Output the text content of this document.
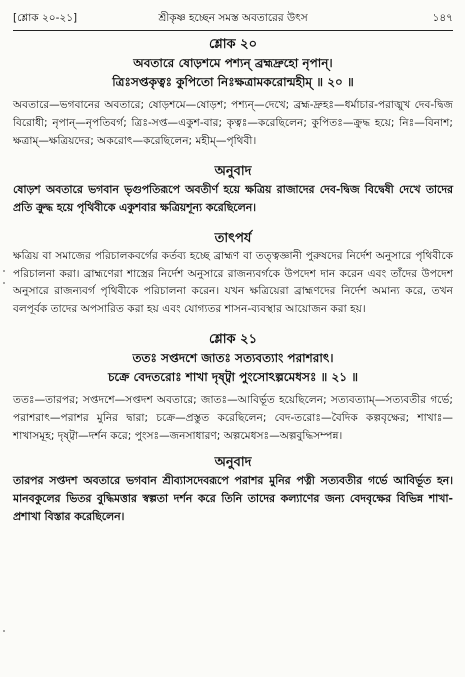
[শ্লোক ২০-২১]	শ্রীকৃষ্ণ হচ্ছেন সমস্ত অবতারের উৎস	১৪৭
শ্লোক ২০
অবতারে ষোড়শমে পশ্যন্ ব্রহ্মদ্রুহো নৃপান্।
ত্রিঃসপ্তকৃত্বঃ কুপিতো নিঃক্ষত্রামকরোন্মহীম্ ॥ ২০ ॥

অবতারে—ভগবানের অবতারে; ষোড়শমে—ষোড়শ; পশ্যন্—দেখে; ব্রহ্ম-দ্রুহঃ—ধর্মাচার-পরাঙ্মুখ দেব-দ্বিজ বিরোধী; নৃপান্—নৃপতিবর্গ; ত্রিঃ-সপ্ত—একুশ-বার; কৃত্বঃ—করেছিলেন; কুপিতঃ—ক্রুদ্ধ হয়ে; নিঃ—বিনাশ; ক্ষত্রাম্—ক্ষত্রিয়দের; অকরোৎ—করেছিলেন; মহীম্—পৃথিবী।

অনুবাদ

ষোড়শ অবতারে ভগবান ভৃগুপতিরূপে অবতীর্ণ হয়ে ক্ষত্রিয় রাজাদের দেব-দ্বিজ বিদ্বেষী দেখে তাদের প্রতি ক্রুদ্ধ হয়ে পৃথিবীকে একুশবার ক্ষত্রিয়শূন্য করেছিলেন।

তাৎপর্য

ক্ষত্রিয় বা সমাজের পরিচালকবর্গের কর্তব্য হচ্ছে ব্রাহ্মণ বা তত্ত্বজ্ঞানী পুরুষদের নির্দেশ অনুসারে পৃথিবীকে পরিচালনা করা। ব্রাহ্মণেরা শাস্ত্রের নির্দেশ অনুসারে রাজন্যবর্গকে উপদেশ দান করেন এবং তাঁদের উপদেশ অনুসারে রাজন্যবর্গ পৃথিবীকে পরিচালনা করেন। যখন ক্ষত্রিয়েরা ব্রাহ্মণদের নির্দেশ অমান্য করে, তখন বলপূর্বক তাদের অপসারিত করা হয় এবং যোগ্যতর শাসন-ব্যবস্থার আয়োজন করা হয়।

শ্লোক ২১
ততঃ সপ্তদশে জাতঃ সত্যবত্যাং পরাশরাৎ।
চক্রে বেদতরোঃ শাখা দৃষ্ট্বা পুংসোঽল্পমেধসঃ ॥ ২১ ॥

ততঃ—তারপর; সপ্তদশে—সপ্তদশ অবতারে; জাতঃ—আবির্ভূত হয়েছিলেন; সত্যবত্যাম্—সত্যবতীর গর্ভে; পরাশরাৎ—পরাশর মুনির দ্বারা; চক্রে—প্রস্তুত করেছিলেন; বেদ-তরোঃ—বৈদিক কল্পবৃক্ষের; শাখাঃ—শাখাসমূহ; দৃষ্ট্বা—দর্শন করে; পুংসঃ—জনসাধারণ; অল্পমেধসঃ—অল্পবুদ্ধিসম্পন্ন।

অনুবাদ

তারপর সপ্তদশ অবতারে ভগবান শ্রীব্যাসদেবরূপে পরাশর মুনির পত্নী সত্যবতীর গর্ভে আবির্ভূত হন। মানবকুলের ভিতর বুদ্ধিমত্তার স্বল্পতা দর্শন করে তিনি তাদের কল্যাণের জন্য বেদবৃক্ষের বিভিন্ন শাখা-প্রশাখা বিস্তার করেছিলেন।
